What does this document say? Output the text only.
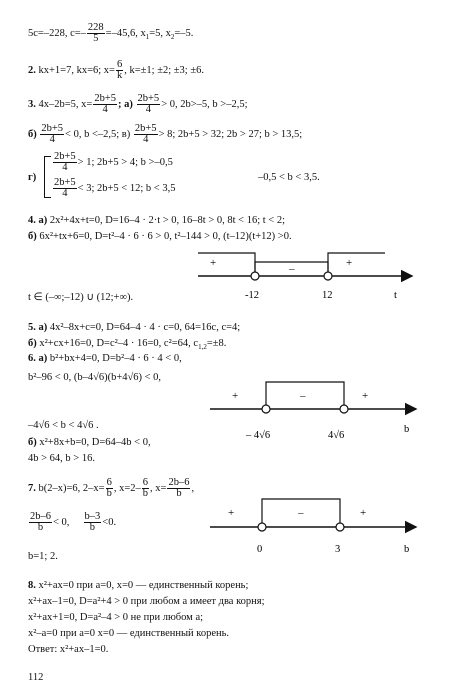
5c=–228, $c=- \frac{228}{5} =-45,6$, $x_1=5$, $x_2=-5$.
2. kx+1=7, kx=6; $x= \frac{6}{k}$ , k=±1; ±2; ±3; ±6.
3. 4x–2b=5, $x= \frac{2b+5}{4}$ ; $а) \frac{2b+5}{4} > 0$, 2b>–5, b >–2,5;
$б) \frac{2b+5}{4} < 0$, b <–2,5; $в) \frac{2b+5}{4} > 8$; 2b+5 > 32; 2b > 27; b > 13,5;
г)
$\frac{2b+5}{4} > 1$; 2b+5 > 4; b >–0,5
$\frac{2b+5}{4} < 3$; 2b+5 < 12; b < 3,5
–0,5 < b < 3,5.
4. а) 2x²+4x+t=0, D=16–4 · 2·t > 0, 16–8t > 0, 8t < 16; t < 2;
б) 6x²+tx+6=0, D=t²–4 · 6 · 6 > 0, t²–144 > 0, (t–12)(t+12) >0.
t ∈ (–∞;–12) ∪ (12;+∞).
5. а) 4x²–8x+c=0, D=64–4 · 4 · c=0, 64=16c, c=4;
б) x²+cx+16=0, D=c²–4 · 16=0, c²=64, $c_{1,2}=\pm 8$.
6. а) b²+bx+4=0, D=b²–4 · 6 · 4 < 0,
b²–96 < 0, (b–4√6)(b+4√6) < 0,
–4√6 < b < 4√6 .
б) x²+8x+b=0, D=64–4b < 0,
4b > 64, b > 16.
7. b(2–x)=6, $2-x= \frac{6}{b}$ , $x=2- \frac{6}{b}$ , $x= \frac{2b-6}{b}$ ,
$\frac{2b-6}{b} < 0$, $\frac{b-3}{b} <0$.
b=1; 2.
8. x²+ax=0 при a=0, x=0 — единственный корень;
x²+ax–1=0, D=a²+4 > 0 при любом a имеет два корня;
x²+ax+1=0, D=a²–4 > 0 не при любом a;
x²–a=0 при a=0 x=0 — единственный корень.
Ответ: x²+ax–1=0.
112
+	–	+
-12	12	t
+	–	+
– 4√6	4√6
b
+	–	+
0	3	b
